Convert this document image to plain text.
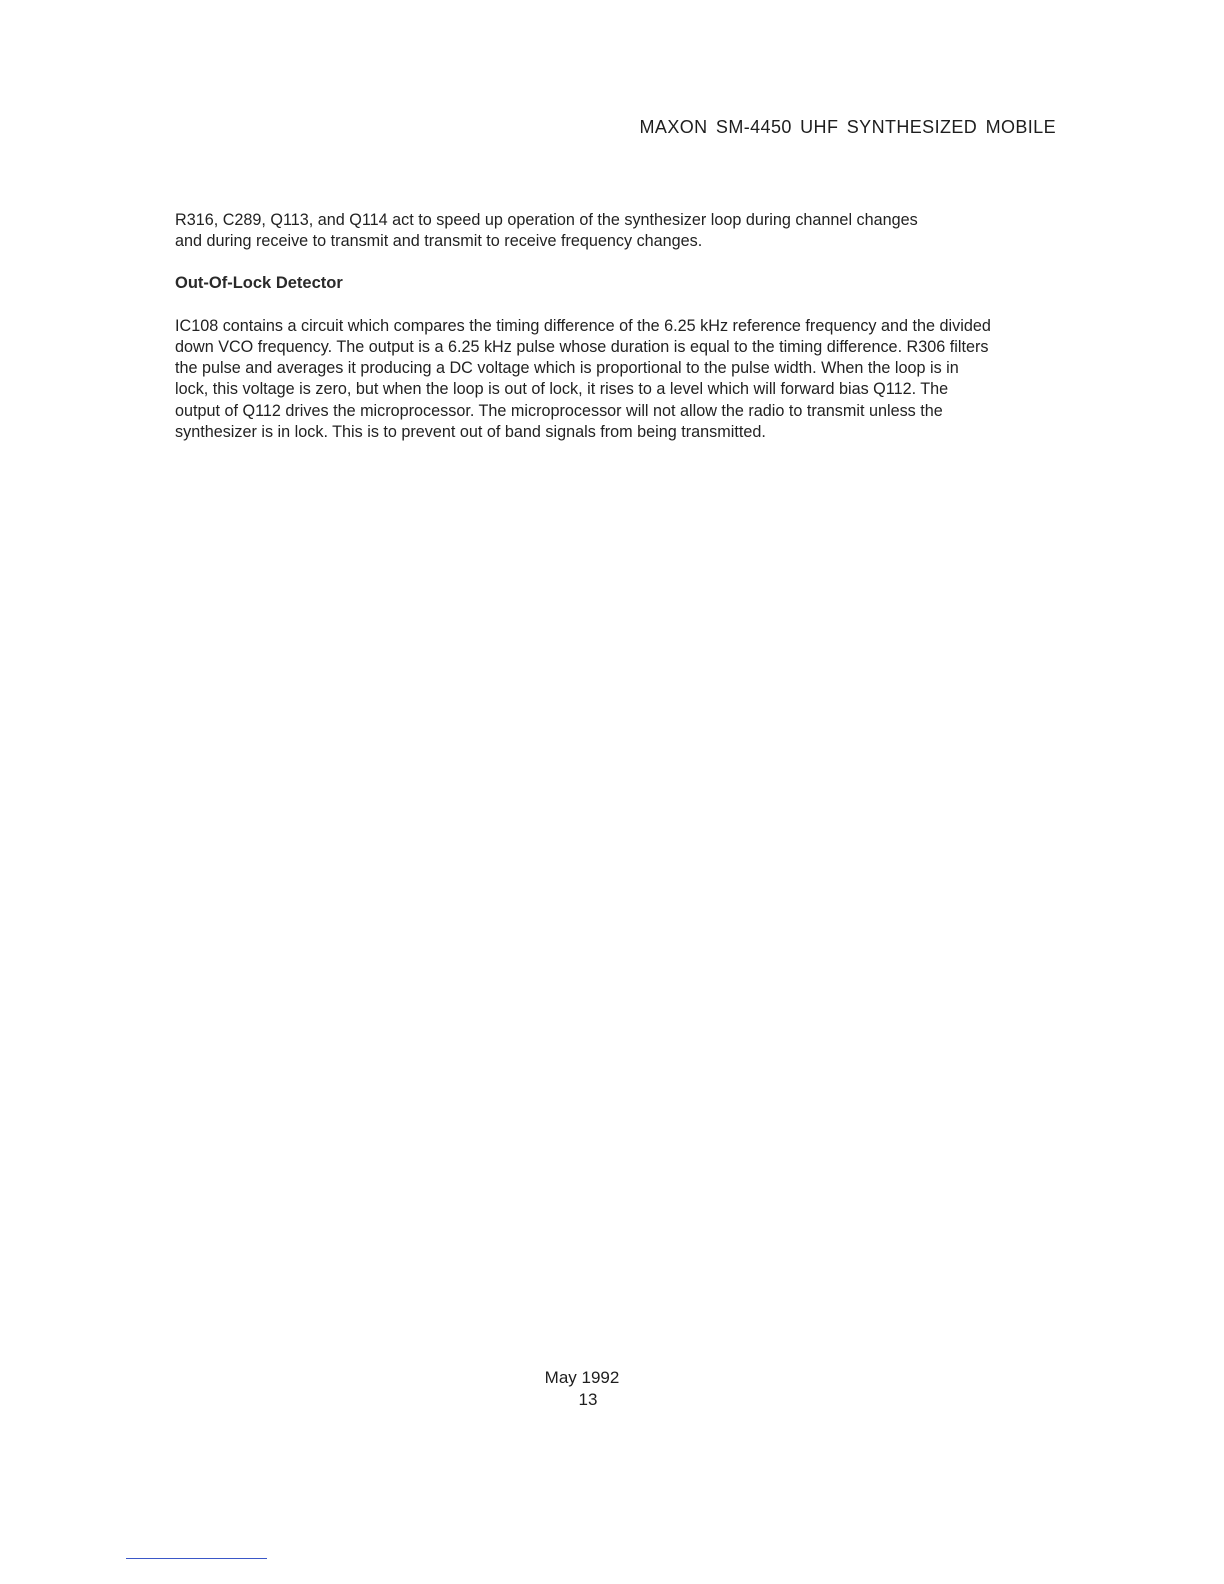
MAXON SM-4450 UHF SYNTHESIZED MOBILE

R316, C289, Q113, and Q114 act to speed up operation of the synthesizer loop during channel changes and during receive to transmit and transmit to receive frequency changes.

Out-Of-Lock Detector

IC108 contains a circuit which compares the timing difference of the 6.25 kHz reference frequency and the divided down VCO frequency. The output is a 6.25 kHz pulse whose duration is equal to the timing difference. R306 filters the pulse and averages it producing a DC voltage which is proportional to the pulse width. When the loop is in lock, this voltage is zero, but when the loop is out of lock, it rises to a level which will forward bias Q112. The output of Q112 drives the microprocessor. The microprocessor will not allow the radio to transmit unless the synthesizer is in lock. This is to prevent out of band signals from being transmitted.

May 1992
13
